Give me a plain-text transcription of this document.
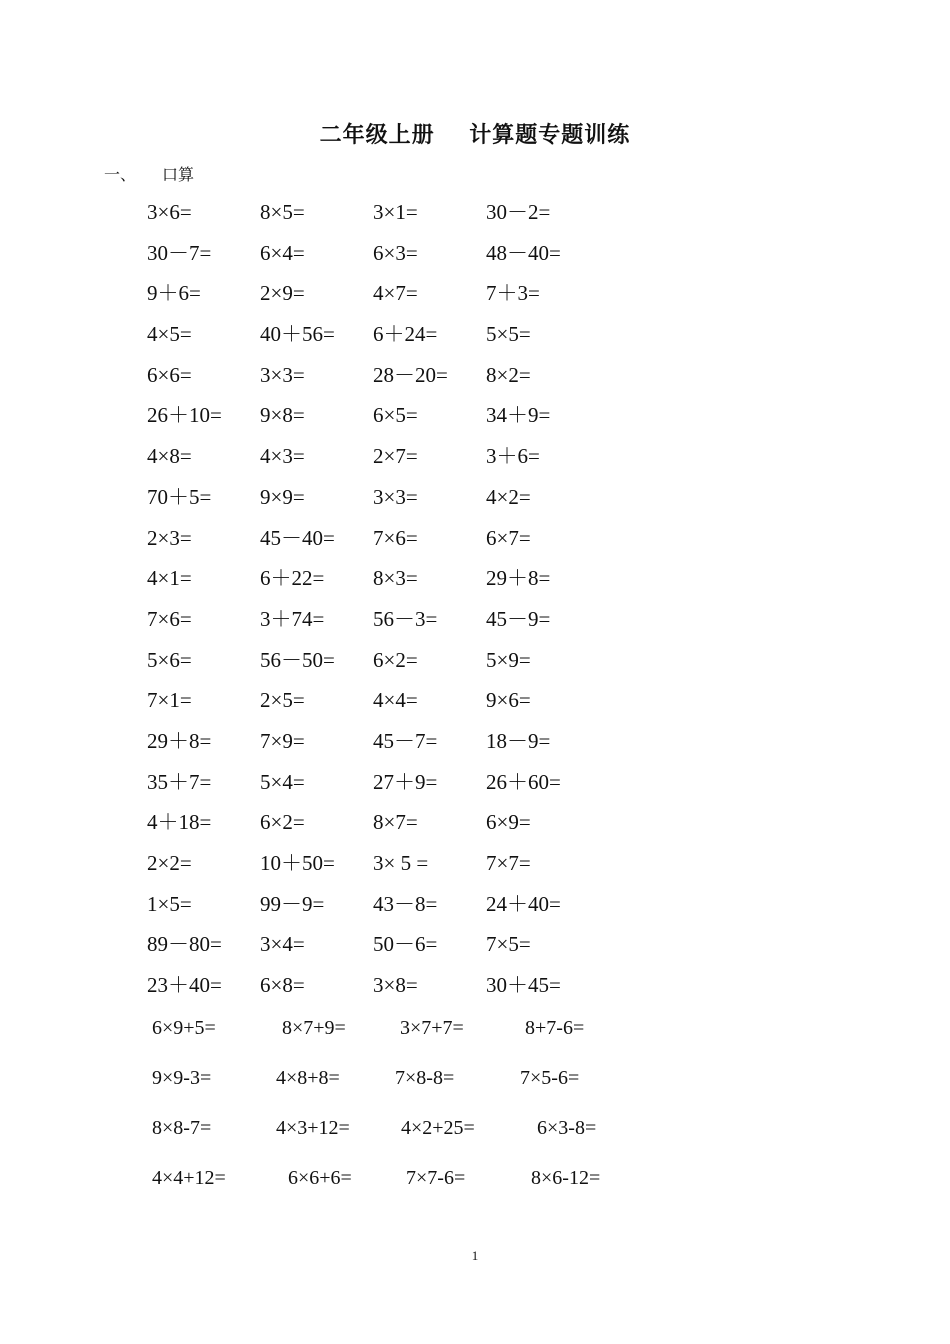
二年级上册    计算题专题训练
一、 口算
3×6=	8×5=	3×1=	30－2=
30－7= 6×4=	6×3=	48－40=
9＋6=	2×9=	4×7=	7＋3=
4×5=	40＋56= 6＋24= 5×5=
6×6=	3×3=	28－20= 8×2=
26＋10= 9×8=	6×5=	34＋9=
4×8=	4×3=	2×7=	3＋6=
70＋5= 9×9=	3×3=	4×2=
2×3=	45－40= 7×6=	6×7=
4×1=	6＋22= 8×3=	29＋8=
7×6=	3＋74= 56－3= 45－9=
5×6=	56－50= 6×2=	5×9=
7×1=	2×5=	4×4=	9×6=
29＋8= 7×9=	45－7= 18－9=
35＋7= 5×4=	27＋9= 26＋60=
4＋18= 6×2=	8×7=	6×9=
2×2=	10＋50= 3× 5 =	7×7=
1×5=	99－9= 43－8= 24＋40=
89－80= 3×4=	50－6= 7×5=
23＋40= 6×8=	3×8=	30＋45=
6×9+5=	8×7+9=	3×7+7=	8+7-6=
9×9-3=	4×8+8=	7×8-8=	7×5-6=
8×8-7=	4×3+12=	4×2+25=	6×3-8=
4×4+12=	6×6+6=	7×7-6=	8×6-12=
1
